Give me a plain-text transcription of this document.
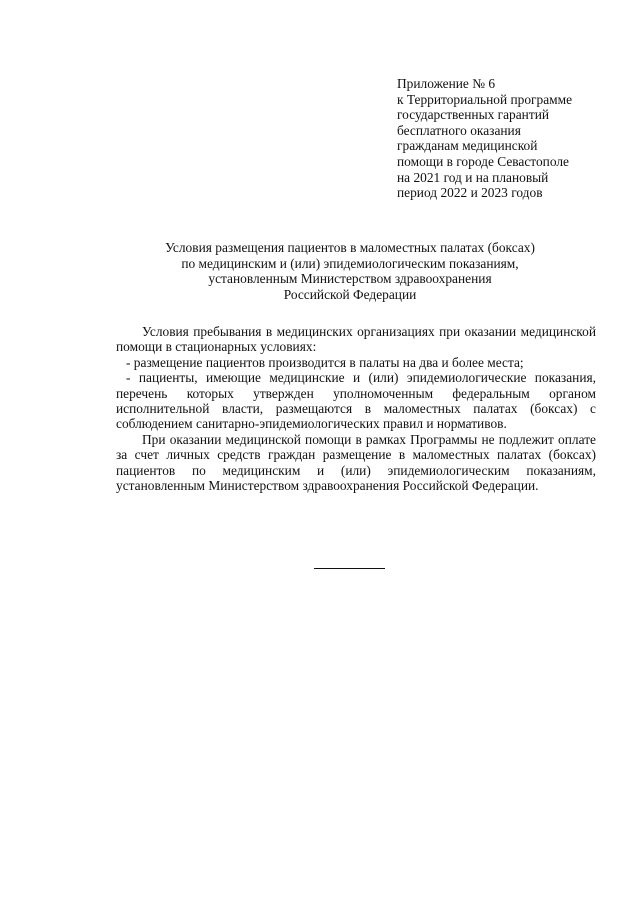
Приложение № 6
к Территориальной программе
государственных гарантий
бесплатного оказания
гражданам медицинской
помощи в городе Севастополе
на 2021 год и на плановый
период 2022 и 2023 годов
Условия размещения пациентов в маломестных палатах (боксах)
по медицинским и (или) эпидемиологическим показаниям,
установленным Министерством здравоохранения
Российской Федерации

Условия пребывания в медицинских организациях при оказании медицинской помощи в стационарных условиях:

- размещение пациентов производится в палаты на два и более места;

- пациенты, имеющие медицинские и (или) эпидемиологические показания, перечень которых утвержден уполномоченным федеральным органом исполнительной власти, размещаются в маломестных палатах (боксах) с соблюдением санитарно-эпидемиологических правил и нормативов.

При оказании медицинской помощи в рамках Программы не подлежит оплате за счет личных средств граждан размещение в маломестных палатах (боксах) пациентов по медицинским и (или) эпидемиологическим показаниям, установленным Министерством здравоохранения Российской Федерации.
